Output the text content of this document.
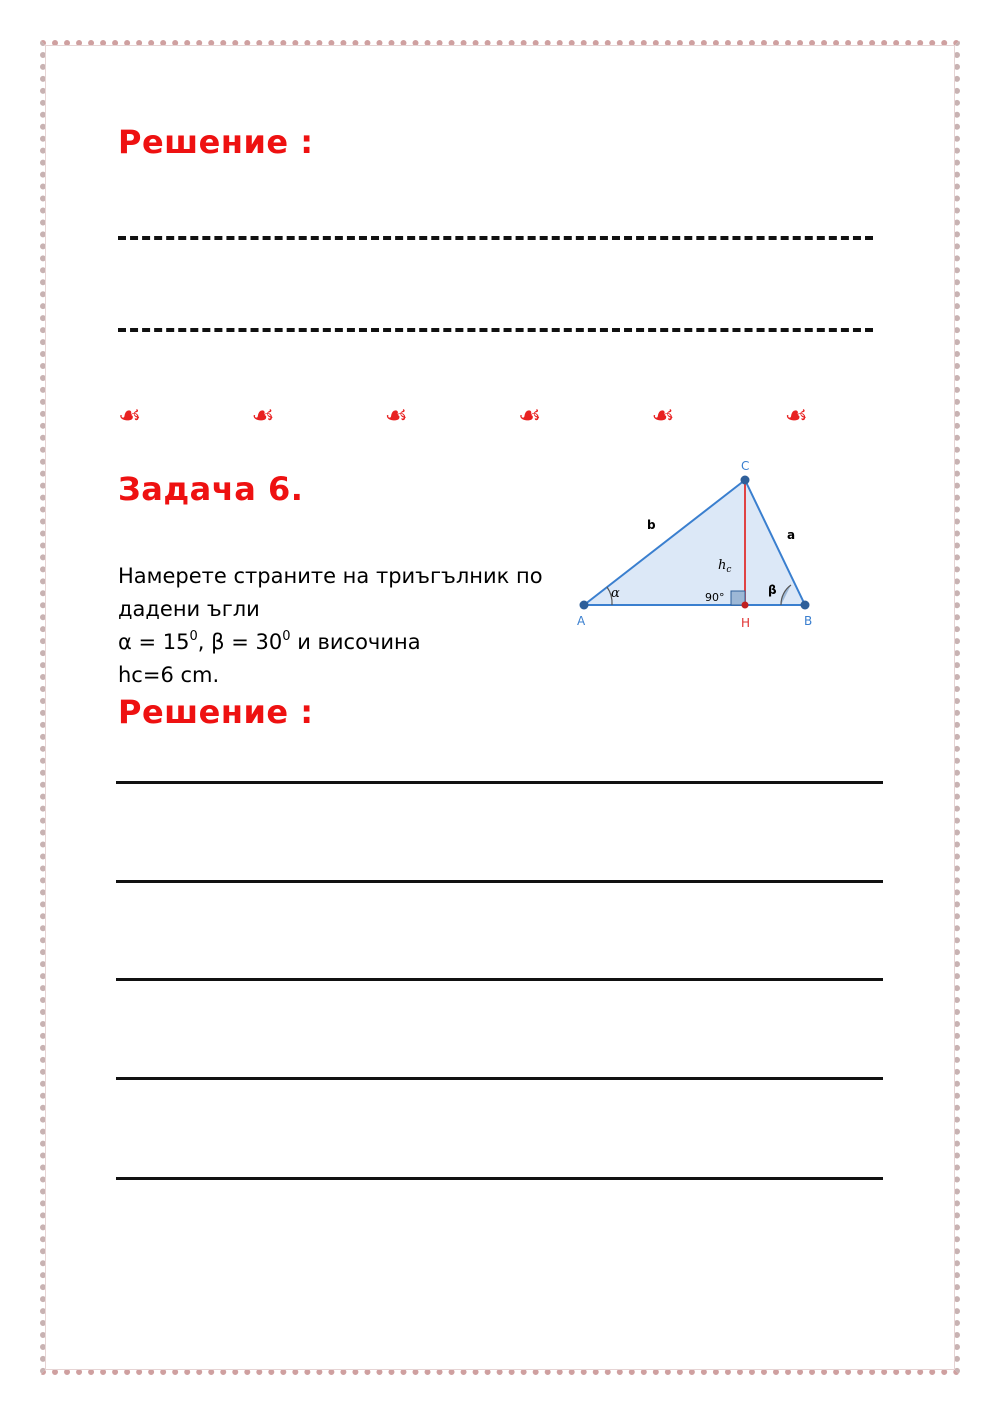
Решение :
☙	☙	☙	☙	☙	☙
Задача 6.
Намерете страните на триъгълник по
дадени ъгли
$\alpha = 15^0$, $\beta = 30^0$ и височина
hc=6 cm.
A	B
C
H
b
a
α	β
$h_c$
90°
Решение :
